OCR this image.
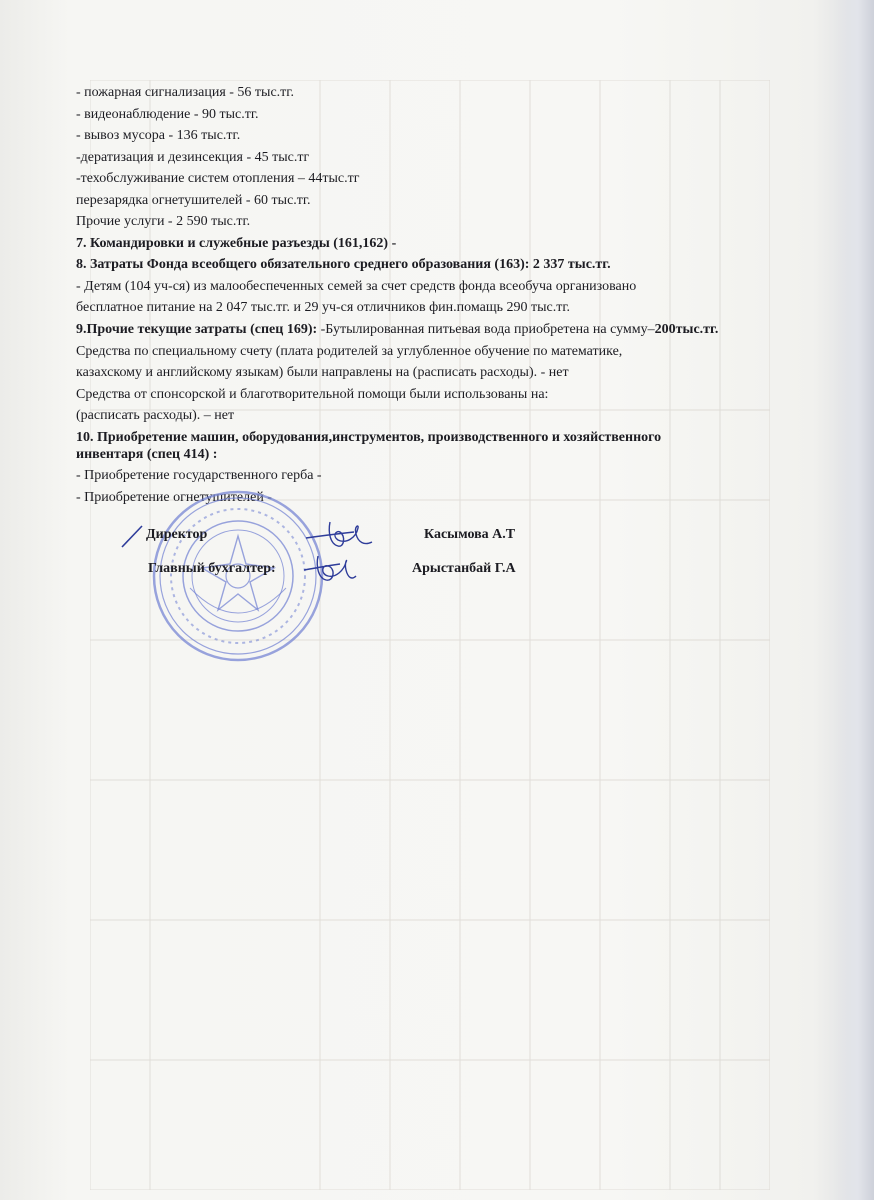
- пожарная сигнализация - 56 тыс.тг.
- видеонаблюдение - 90 тыс.тг.
- вывоз мусора - 136 тыс.тг.
-дератизация и дезинсекция - 45 тыс.тг
-техобслуживание систем отопления – 44тыс.тг
перезарядка огнетушителей - 60 тыс.тг.
Прочие услуги - 2 590 тыс.тг.
7. Командировки и служебные разъезды (161,162) -
8. Затраты Фонда всеобщего обязательного среднего образования (163): 2 337 тыс.тг.
- Детям (104 уч-ся) из малообеспеченных семей за счет средств фонда всеобуча организовано
бесплатное питание на 2 047 тыс.тг. и 29 уч-ся отличников фин.помащь 290 тыс.тг.
9.Прочие текущие затраты (спец 169): -Бутылированная питьевая вода приобретена на сумму–200тыс.тг.
Средства по специальному счету (плата родителей за углубленное обучение по математике,
казахскому и английскому языкам) были направлены на (расписать расходы). - нет
Средства от спонсорской и благотворительной помощи были использованы на:
(расписать расходы). – нет
10. Приобретение машин, оборудования,инструментов, производственного и хозяйственного
инвентаря (спец 414) :
- Приобретение государственного герба -
- Приобретение огнетушителей -
Директор	Касымова А.Т
Главный бухгалтер:	Арыстанбай Г.А
